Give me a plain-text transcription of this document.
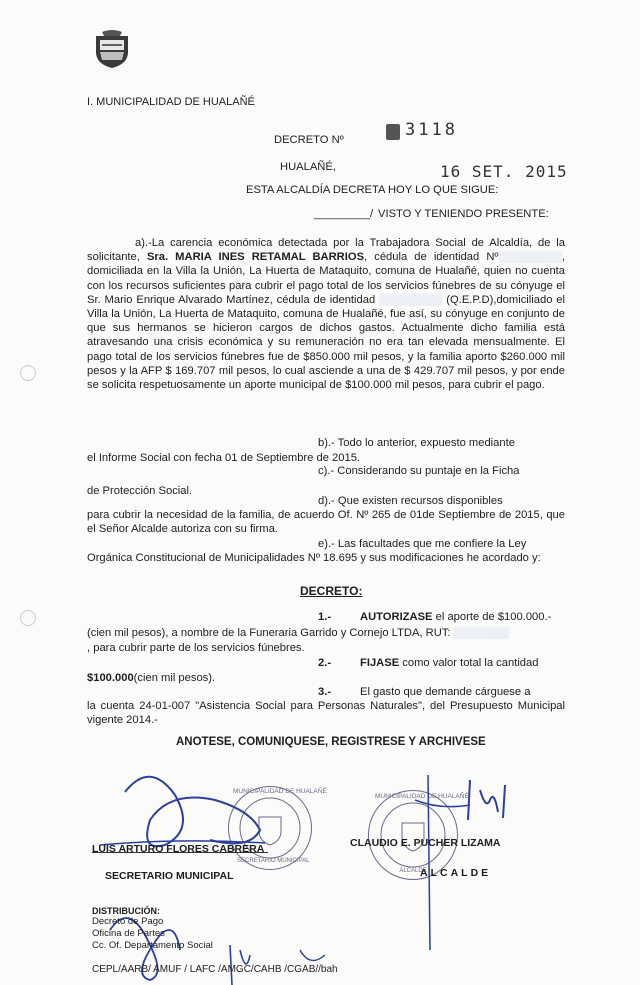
I. MUNICIPALIDAD DE HUALAÑÉ
DECRETO Nº	3118
HUALAÑÉ,	16 SET. 2015
ESTA ALCALDÍA DECRETA HOY LO QUE SIGUE:
_________/ VISTO Y TENIENDO PRESENTE:
a).-La carencia económica detectada por la Trabajadora Social de Alcaldía, de la solicitante, Sra. MARIA INES RETAMAL BARRIOS, cédula de identidad Nº▒▒▒▒▒▒▒▒, domiciliada en la Villa la Unión, La Huerta de Mataquito, comuna de Hualañé, quien no cuenta con los recursos suficientes para cubrir el pago total de los servicios fúnebres de su cónyuge el Sr. Mario Enrique Alvarado Martínez, cédula de identidad ▒▒▒▒▒▒▒▒ (Q.E.P.D),domiciliado el Villa la Unión, La Huerta de Mataquito, comuna de Hualañé, fue así, su cónyuge en conjunto de que sus hermanos se hicieron cargos de dichos gastos. Actualmente dicho familia está atravesando una crisis económica y su remuneración no era tan elevada mensualmente. El pago total de los servicios fúnebres fue de $850.000 mil pesos, y la familia aporto $260.000 mil pesos y la AFP $ 169.707 mil pesos, lo cual asciende a una de $ 429.707 mil pesos, y por ende se solicita respetuosamente un aporte municipal de $100.000 mil pesos, para cubrir el pago.
b).- Todo lo anterior, expuesto mediante
el Informe Social con fecha 01 de Septiembre de 2015.
c).- Considerando su puntaje en la Ficha
de Protección Social.
d).- Que existen recursos disponibles
para cubrir la necesidad de la familia, de acuerdo Of. Nº 265 de 01de Septiembre de 2015, que el Señor Alcalde autoriza con su firma.
e).- Las facultades que me confiere la Ley
Orgánica Constitucional de Municipalidades Nº 18.695 y sus modificaciones he acordado y:
DECRETO:
1.-	AUTORIZASE el aporte de $100.000.-
(cien mil pesos), a nombre de la Funeraria Garrido y Cornejo LTDA, RUT: ▒▒▒▒▒▒▒
, para cubrir parte de los servicios fúnebres.
2.-	FIJASE como valor total la cantidad
$100.000(cien mil pesos).
3.-	El gasto que demande cárguese a
la cuenta 24-01-007 "Asistencia Social para Personas Naturales", del Presupuesto Municipal vigente 2014.-
ANOTESE, COMUNIQUESE, REGISTRESE Y ARCHIVESE
MUNICIPALIDAD DE HUALAÑÉ
SECRETARIO MUNICIPAL
MUNICIPALIDAD DE HUALAÑÉ
ALCALDE
LUIS ARTURO FLORES CABRERA
SECRETARIO MUNICIPAL
CLAUDIO E. PUCHER LIZAMA
ALCALDE
DISTRIBUCIÓN:
Decreto de Pago
Oficina de Partes
Cc. Of. Departamento Social
CEPL/AARB/ AMUF / LAFC /AMGC/CAHB /CGAB//bah
